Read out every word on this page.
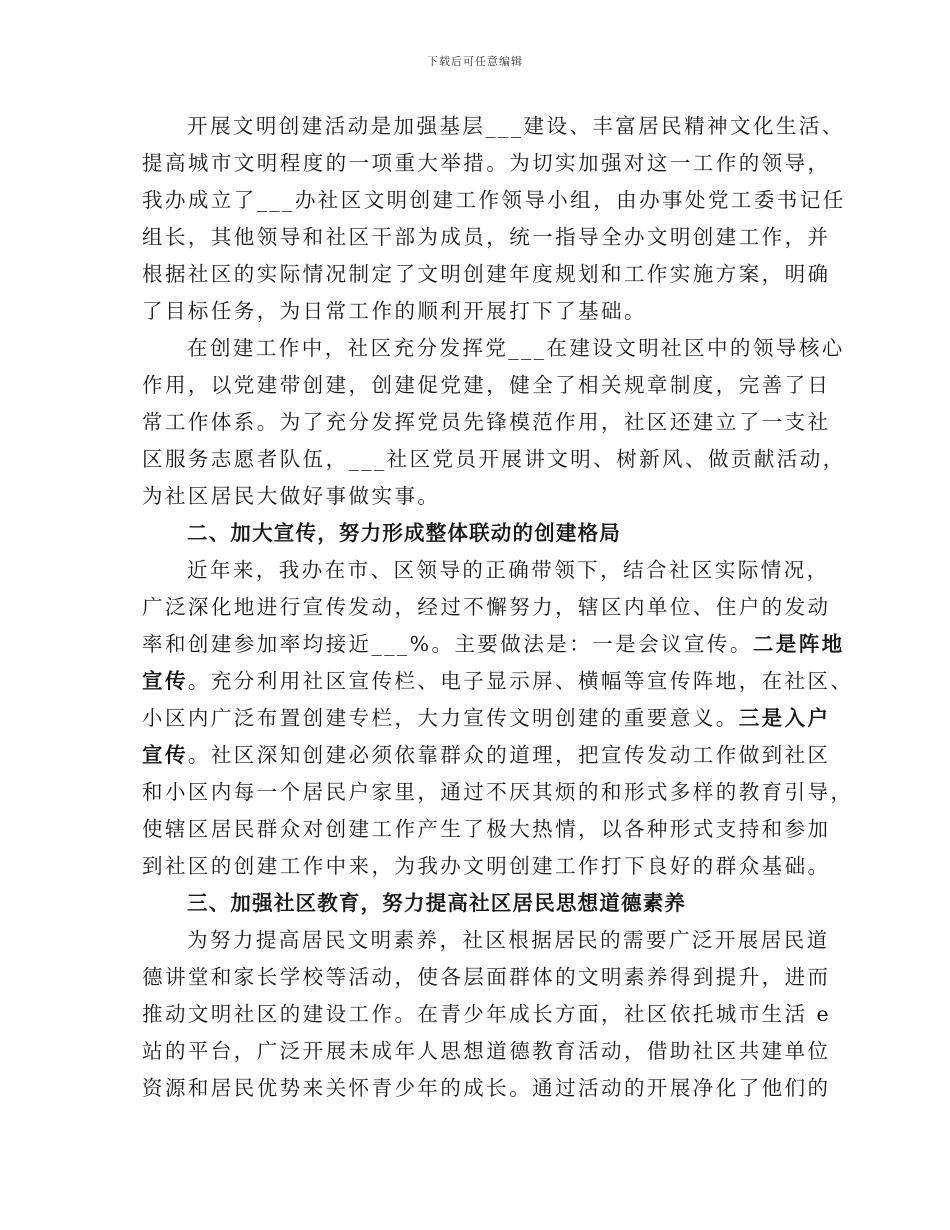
下载后可任意编辑

开展文明创建活动是加强基层___建设、丰富居民精神文化生活、
提高城市文明程度的一项重大举措。为切实加强对这一工作的领导，
我办成立了___办社区文明创建工作领导小组，由办事处党工委书记任
组长，其他领导和社区干部为成员，统一指导全办文明创建工作，并
根据社区的实际情况制定了文明创建年度规划和工作实施方案，明确
了目标任务，为日常工作的顺利开展打下了基础。

在创建工作中，社区充分发挥党___在建设文明社区中的领导核心
作用，以党建带创建，创建促党建，健全了相关规章制度，完善了日
常工作体系。为了充分发挥党员先锋模范作用，社区还建立了一支社
区服务志愿者队伍，___社区党员开展讲文明、树新风、做贡献活动，
为社区居民大做好事做实事。

二、加大宣传，努力形成整体联动的创建格局

近年来，我办在市、区领导的正确带领下，结合社区实际情况，
广泛深化地进行宣传发动，经过不懈努力，辖区内单位、住户的发动
率和创建参加率均接近___%。主要做法是：一是会议宣传。二是阵地
宣传。充分利用社区宣传栏、电子显示屏、横幅等宣传阵地，在社区、
小区内广泛布置创建专栏，大力宣传文明创建的重要意义。三是入户
宣传。社区深知创建必须依靠群众的道理，把宣传发动工作做到社区
和小区内每一个居民户家里，通过不厌其烦的和形式多样的教育引导，
使辖区居民群众对创建工作产生了极大热情，以各种形式支持和参加
到社区的创建工作中来，为我办文明创建工作打下良好的群众基础。

三、加强社区教育，努力提高社区居民思想道德素养

为努力提高居民文明素养，社区根据居民的需要广泛开展居民道
德讲堂和家长学校等活动，使各层面群体的文明素养得到提升，进而
推动文明社区的建设工作。在青少年成长方面，社区依托城市生活 e
站的平台，广泛开展未成年人思想道德教育活动，借助社区共建单位
资源和居民优势来关怀青少年的成长。通过活动的开展净化了他们的
